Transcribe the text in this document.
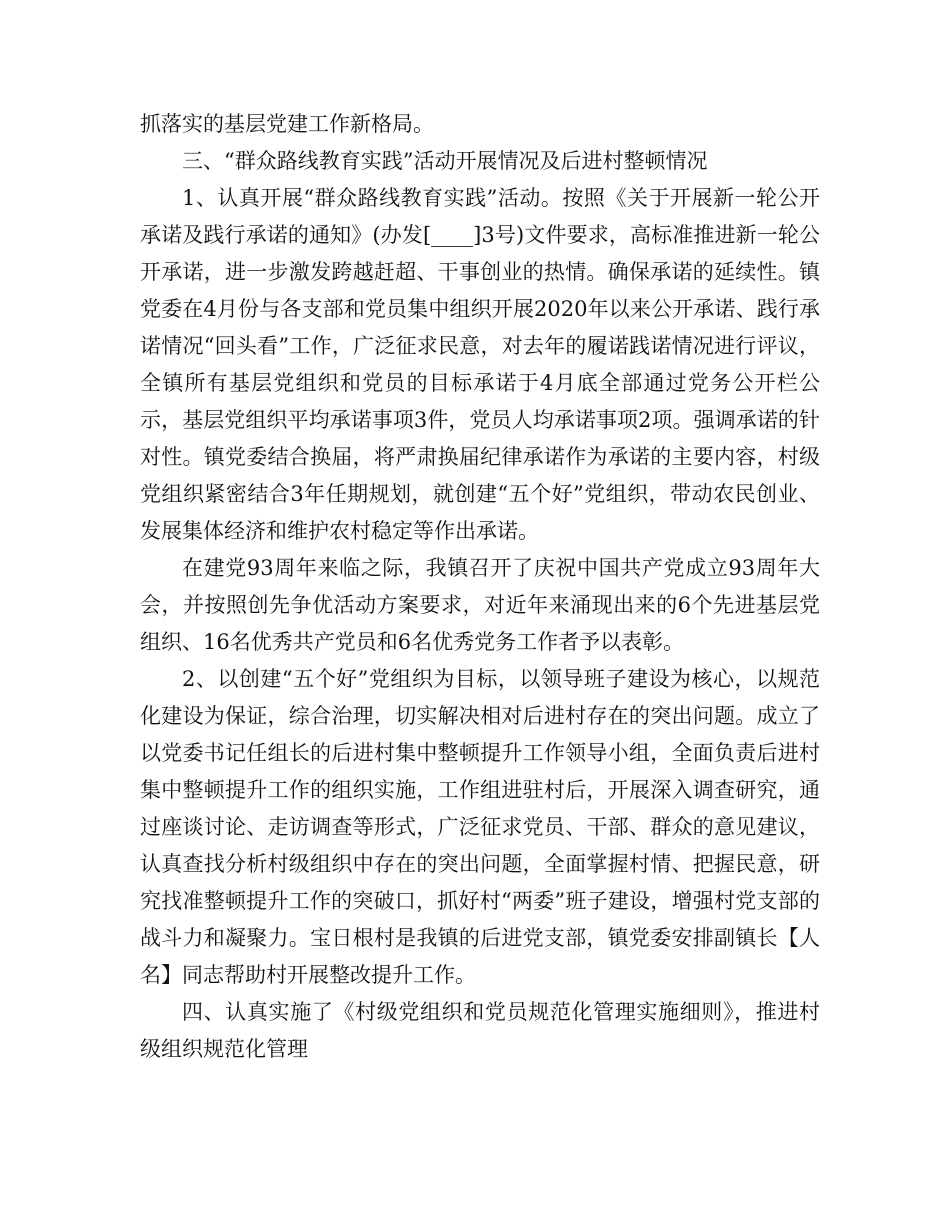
抓落实的基层党建工作新格局。

三、“群众路线教育实践”活动开展情况及后进村整顿情况

1、认真开展“群众路线教育实践”活动。按照《关于开展新一轮公开承诺及践行承诺的通知》(办发[____]3号)文件要求，高标准推进新一轮公开承诺，进一步激发跨越赶超、干事创业的热情。确保承诺的延续性。镇党委在4月份与各支部和党员集中组织开展2020年以来公开承诺、践行承诺情况“回头看”工作，广泛征求民意，对去年的履诺践诺情况进行评议，全镇所有基层党组织和党员的目标承诺于4月底全部通过党务公开栏公示，基层党组织平均承诺事项3件，党员人均承诺事项2项。强调承诺的针对性。镇党委结合换届，将严肃换届纪律承诺作为承诺的主要内容，村级党组织紧密结合3年任期规划，就创建“五个好”党组织，带动农民创业、发展集体经济和维护农村稳定等作出承诺。

在建党93周年来临之际，我镇召开了庆祝中国共产党成立93周年大会，并按照创先争优活动方案要求，对近年来涌现出来的6个先进基层党组织、16名优秀共产党员和6名优秀党务工作者予以表彰。

2、以创建“五个好”党组织为目标，以领导班子建设为核心，以规范化建设为保证，综合治理，切实解决相对后进村存在的突出问题。成立了以党委书记任组长的后进村集中整顿提升工作领导小组，全面负责后进村集中整顿提升工作的组织实施，工作组进驻村后，开展深入调查研究，通过座谈讨论、走访调查等形式，广泛征求党员、干部、群众的意见建议，认真查找分析村级组织中存在的突出问题，全面掌握村情、把握民意，研究找准整顿提升工作的突破口，抓好村“两委”班子建设，增强村党支部的战斗力和凝聚力。宝日根村是我镇的后进党支部，镇党委安排副镇长【人名】同志帮助村开展整改提升工作。

四、认真实施了《村级党组织和党员规范化管理实施细则》，推进村级组织规范化管理
